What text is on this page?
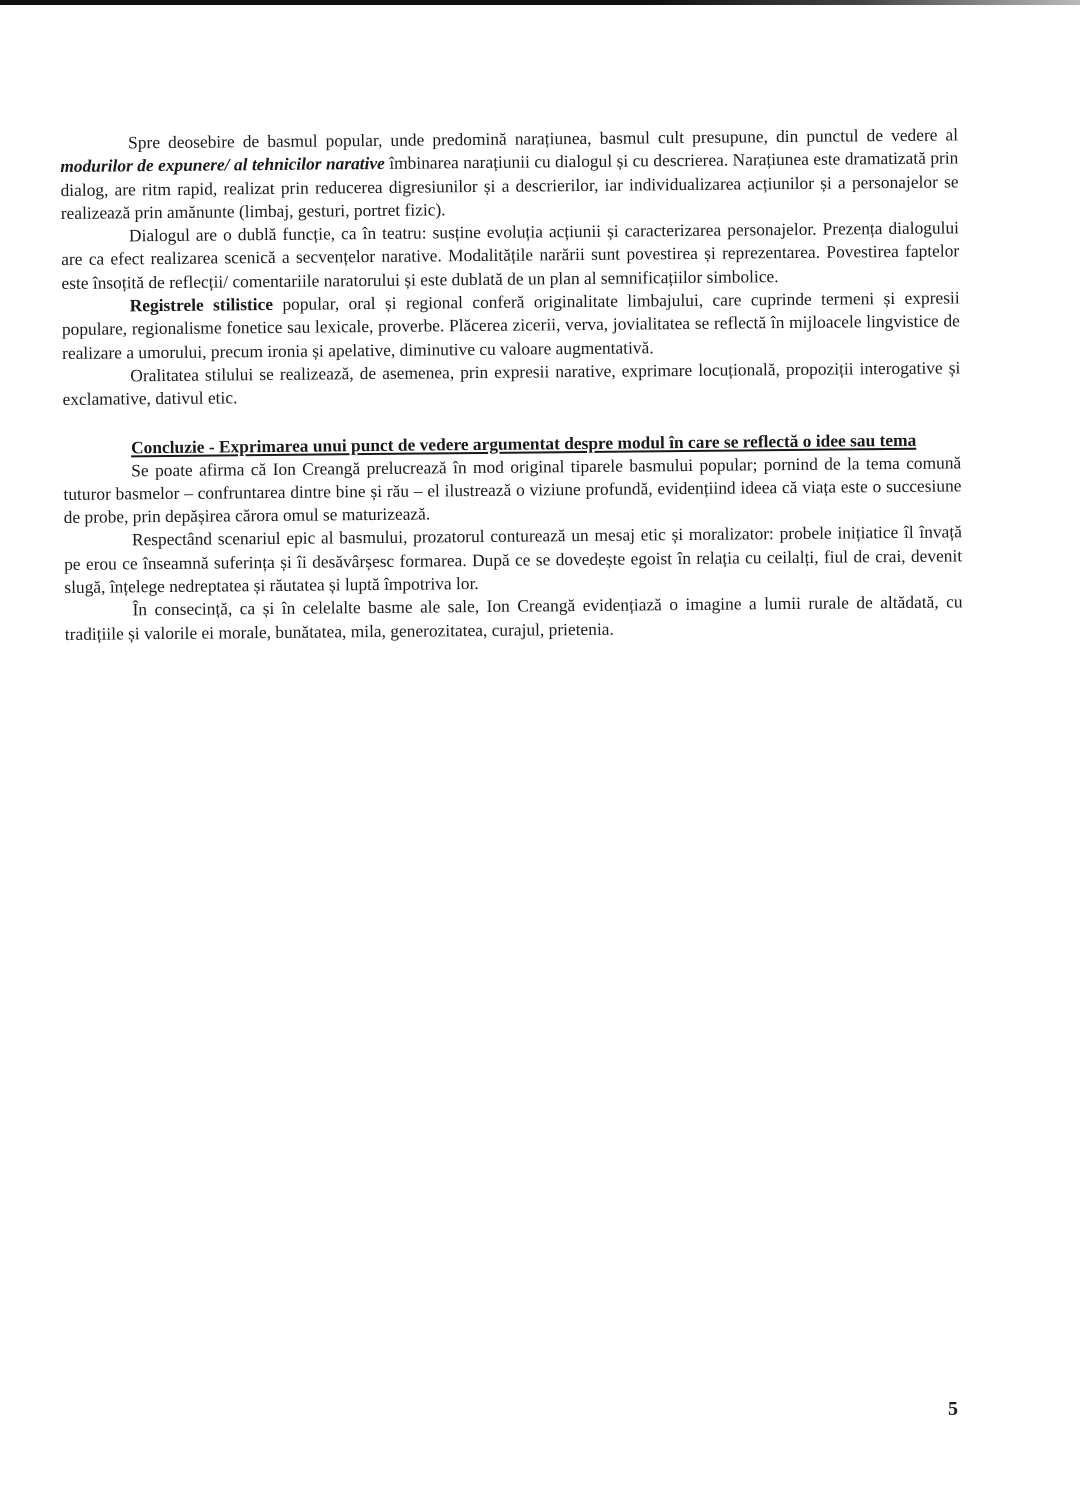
Spre deosebire de basmul popular, unde predomină narațiunea, basmul cult presupune, din punctul de vedere al modurilor de expunere/ al tehnicilor narative îmbinarea narațiunii cu dialogul și cu descrierea. Narațiunea este dramatizată prin dialog, are ritm rapid, realizat prin reducerea digresiunilor și a descrierilor, iar individualizarea acțiunilor și a personajelor se realizează prin amănunte (limbaj, gesturi, portret fizic).

Dialogul are o dublă funcție, ca în teatru: susține evoluția acțiunii și caracterizarea personajelor. Prezența dialogului are ca efect realizarea scenică a secvențelor narative. Modalitățile narării sunt povestirea și reprezentarea. Povestirea faptelor este însoțită de reflecții/ comentariile naratorului și este dublată de un plan al semnificațiilor simbolice.

Registrele stilistice popular, oral și regional conferă originalitate limbajului, care cuprinde termeni și expresii populare, regionalisme fonetice sau lexicale, proverbe. Plăcerea zicerii, verva, jovialitatea se reflectă în mijloacele lingvistice de realizare a umorului, precum ironia și apelative, diminutive cu valoare augmentativă.

Oralitatea stilului se realizează, de asemenea, prin expresii narative, exprimare locuțională, propoziții interogative și exclamative, dativul etic.

Concluzie - Exprimarea unui punct de vedere argumentat despre modul în care se reflectă o idee sau tema

Se poate afirma că Ion Creangă prelucrează în mod original tiparele basmului popular; pornind de la tema comună tuturor basmelor – confruntarea dintre bine și rău – el ilustrează o viziune profundă, evidențiind ideea că viața este o succesiune de probe, prin depășirea cărora omul se maturizează.

Respectând scenariul epic al basmului, prozatorul conturează un mesaj etic și moralizator: probele inițiatice îl învață pe erou ce înseamnă suferința și îi desăvârșesc formarea. După ce se dovedește egoist în relația cu ceilalți, fiul de crai, devenit slugă, înțelege nedreptatea și răutatea și luptă împotriva lor.

În consecință, ca și în celelalte basme ale sale, Ion Creangă evidențiază o imagine a lumii rurale de altădată, cu tradițiile și valorile ei morale, bunătatea, mila, generozitatea, curajul, prietenia.

5
